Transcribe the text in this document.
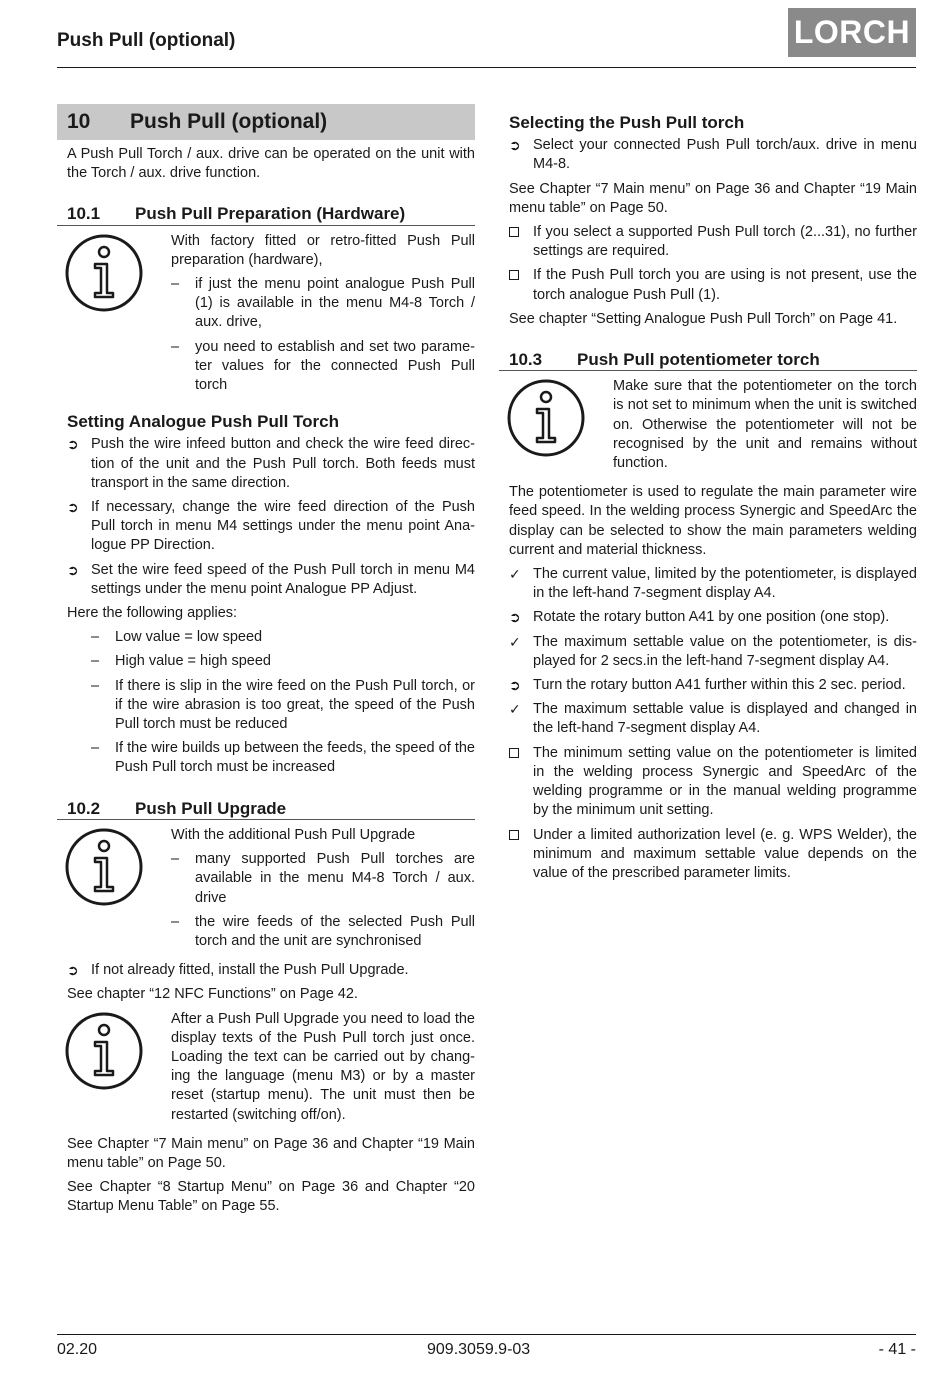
Push Pull (optional)	LORCH
10	Push Pull (optional)

A Push Pull Torch / aux. drive can be operated on the unit with the Torch / aux. drive function.

10.1	Push Pull Preparation (Hardware)

With factory fitted or retro-fitted Push Pull preparation (hardware),

–	if just the menu point analogue Push Pull (1) is available in the menu M4-8 Torch / aux. drive,
–	you need to establish and set two parameter values for the connected Push Pull torch
Setting Analogue Push Pull Torch
➲ Push the wire infeed button and check the wire feed direction of the unit and the Push Pull torch. Both feeds must transport in the same direction.
➲ If necessary, change the wire feed direction of the Push Pull torch in menu M4 settings under the menu point Analogue PP Direction.
➲ Set the wire feed speed of the Push Pull torch in menu M4 settings under the menu point Analogue PP Adjust.

Here the following applies:

–	Low value = low speed
–	High value = high speed
–	If there is slip in the wire feed on the Push Pull torch, or if the wire abrasion is too great, the speed of the Push Pull torch must be reduced
–	If the wire builds up between the feeds, the speed of the Push Pull torch must be increased
10.2	Push Pull Upgrade

With the additional Push Pull Upgrade

–	many supported Push Pull torches are available in the menu M4-8 Torch / aux. drive
–	the wire feeds of the selected Push Pull torch and the unit are synchronised
➲ If not already fitted, install the Push Pull Upgrade.

See chapter “12 NFC Functions” on Page 42.

After a Push Pull Upgrade you need to load the display texts of the Push Pull torch just once. Loading the text can be carried out by changing the language (menu M3) or by a master reset (startup menu). The unit must then be restarted (switching off/on).

See Chapter “7 Main menu” on Page 36 and Chapter “19 Main menu table” on Page 50.

See Chapter “8 Startup Menu” on Page 36 and Chapter “20 Startup Menu Table” on Page 55.

Selecting the Push Pull torch
➲ Select your connected Push Pull torch/aux. drive in menu M4-8.

See Chapter “7 Main menu” on Page 36 and Chapter “19 Main menu table” on Page 50.

If you select a supported Push Pull torch (2...31), no further settings are required.
If the Push Pull torch you are using is not present, use the torch analogue Push Pull (1).

See chapter “Setting Analogue Push Pull Torch” on Page 41.

10.3	Push Pull potentiometer torch

Make sure that the potentiometer on the torch is not set to minimum when the unit is switched on. Otherwise the potentiometer will not be recognised by the unit and remains without function.

The potentiometer is used to regulate the main parameter wire feed speed. In the welding process Synergic and SpeedArc the display can be selected to show the main parameters welding current and material thickness.

✓ The current value, limited by the potentiometer, is displayed in the left-hand 7-segment display A4.
➲ Rotate the rotary button A41 by one position (one stop).
✓ The maximum settable value on the potentiometer, is displayed for 2 secs.in the left-hand 7-segment display A4.
➲ Turn the rotary button A41 further within this 2 sec. period.
✓ The maximum settable value is displayed and changed in the left-hand 7-segment display A4.
The minimum setting value on the potentiometer is limited in the welding process Synergic and SpeedArc of the welding programme or in the manual welding programme by the minimum unit setting.
Under a limited authorization level (e. g. WPS Welder), the minimum and maximum settable value depends on the value of the prescribed parameter limits.
02.20	909.3059.9-03	- 41 -
